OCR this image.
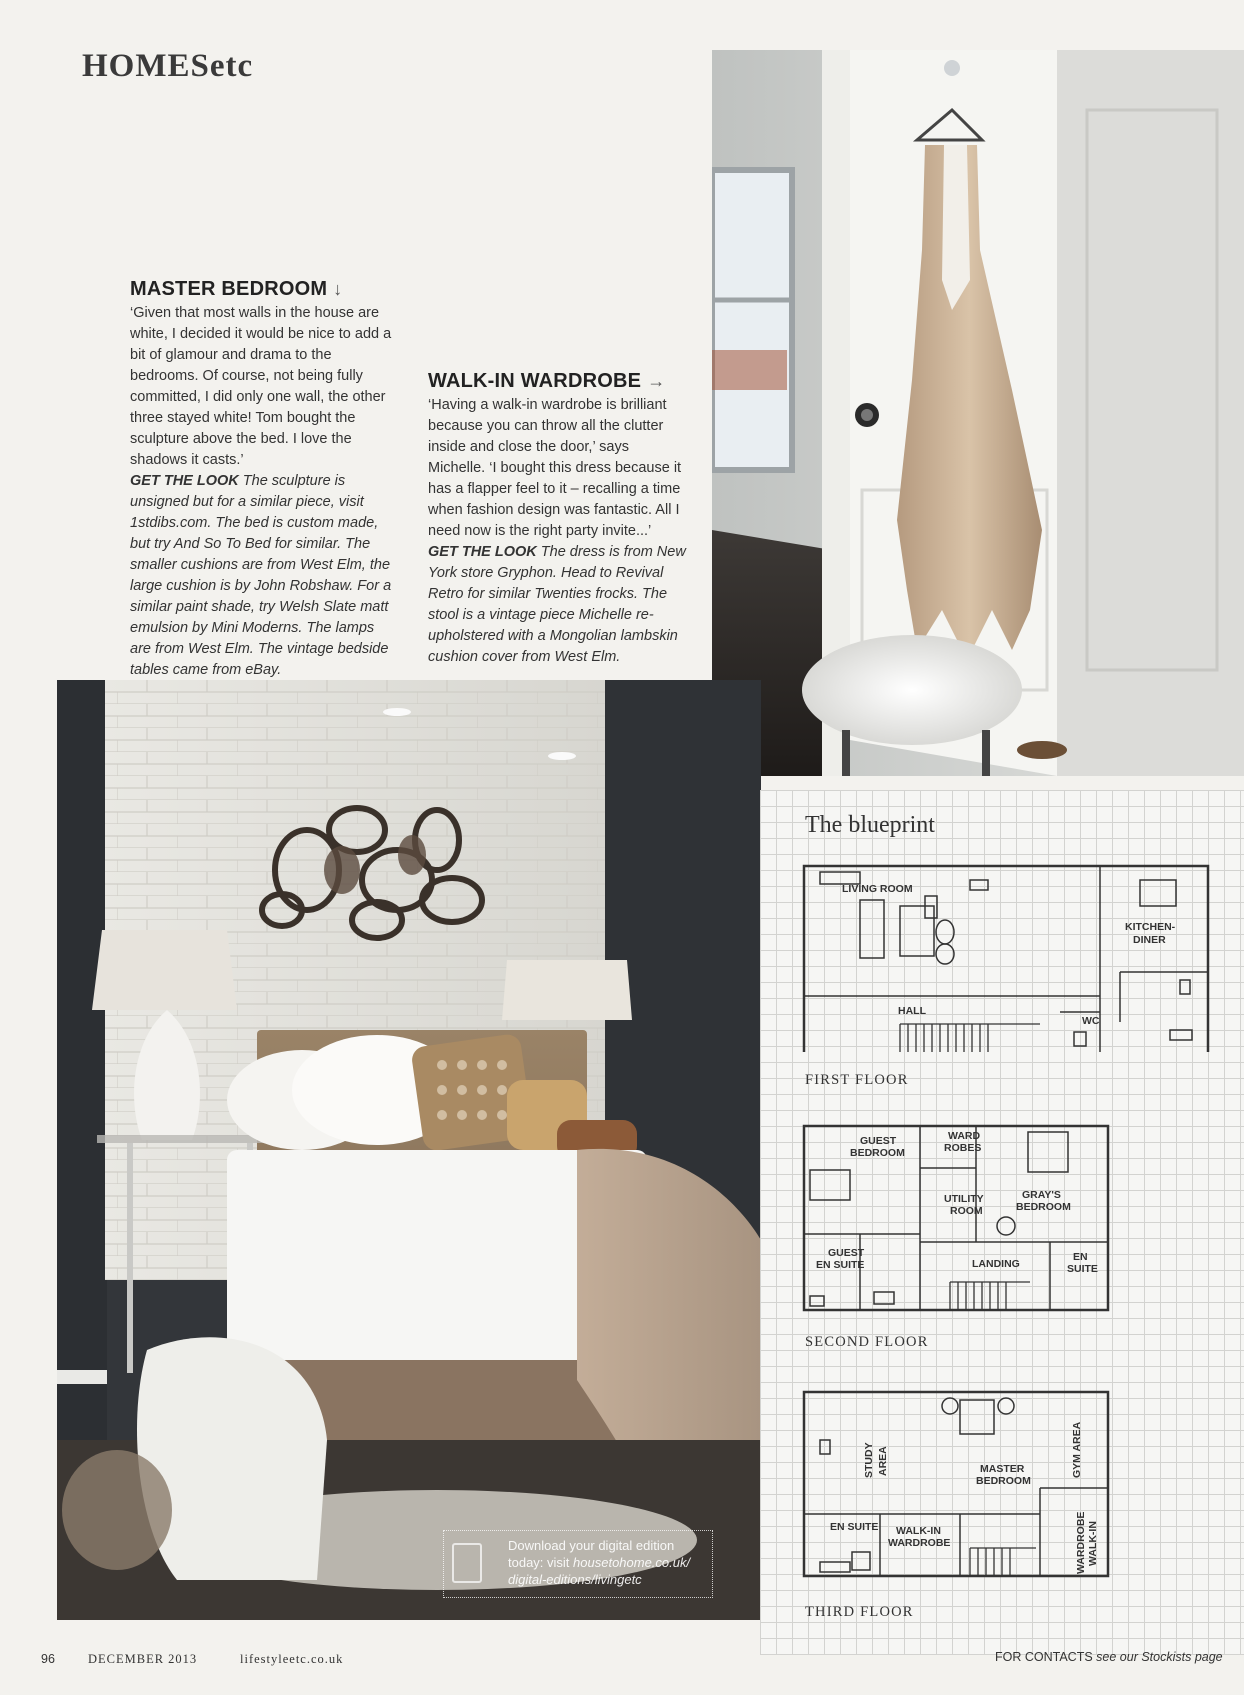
HOMESetc
MASTER BEDROOM ↓
‘Given that most walls in the house are white, I decided it would be nice to add a bit of glamour and drama to the bedrooms. Of course, not being fully committed, I did only one wall, the other three stayed white! Tom bought the sculpture above the bed. I love the shadows it casts.’
GET THE LOOK The sculpture is unsigned but for a similar piece, visit 1stdibs.com. The bed is custom made, but try And So To Bed for similar. The smaller cushions are from West Elm, the large cushion is by John Robshaw. For a similar paint shade, try Welsh Slate matt emulsion by Mini Moderns. The lamps are from West Elm. The vintage bedside tables came from eBay.
WALK-IN WARDROBE →
‘Having a walk-in wardrobe is brilliant because you can throw all the clutter inside and close the door,’ says Michelle. ‘I bought this dress because it has a flapper feel to it – recalling a time when fashion design was fantastic. All I need now is the right party invite...’
GET THE LOOK The dress is from New York store Gryphon. Head to Revival Retro for similar Twenties frocks. The stool is a vintage piece Michelle re-upholstered with a Mongolian lambskin cushion cover from West Elm.
Download your digital edition
today: visit housetohome.co.uk/
digital-editions/livingetc
The blueprint
LIVING ROOM
KITCHEN-
DINER
HALL
WC
FIRST FLOOR
GUEST
BEDROOM
WARD
ROBES
UTILITY
ROOM
GRAY'S
BEDROOM
GUEST
EN SUITE	LANDING
EN
SUITE
SECOND FLOOR
STUDY AREA	MASTER
BEDROOM
GYM AREA
EN SUITE WALK-IN
WARDROBE	WALK-IN
WARDROBE
THIRD FLOOR
96	DECEMBER 2013	lifestyleetc.co.uk	FOR CONTACTS see our Stockists page
